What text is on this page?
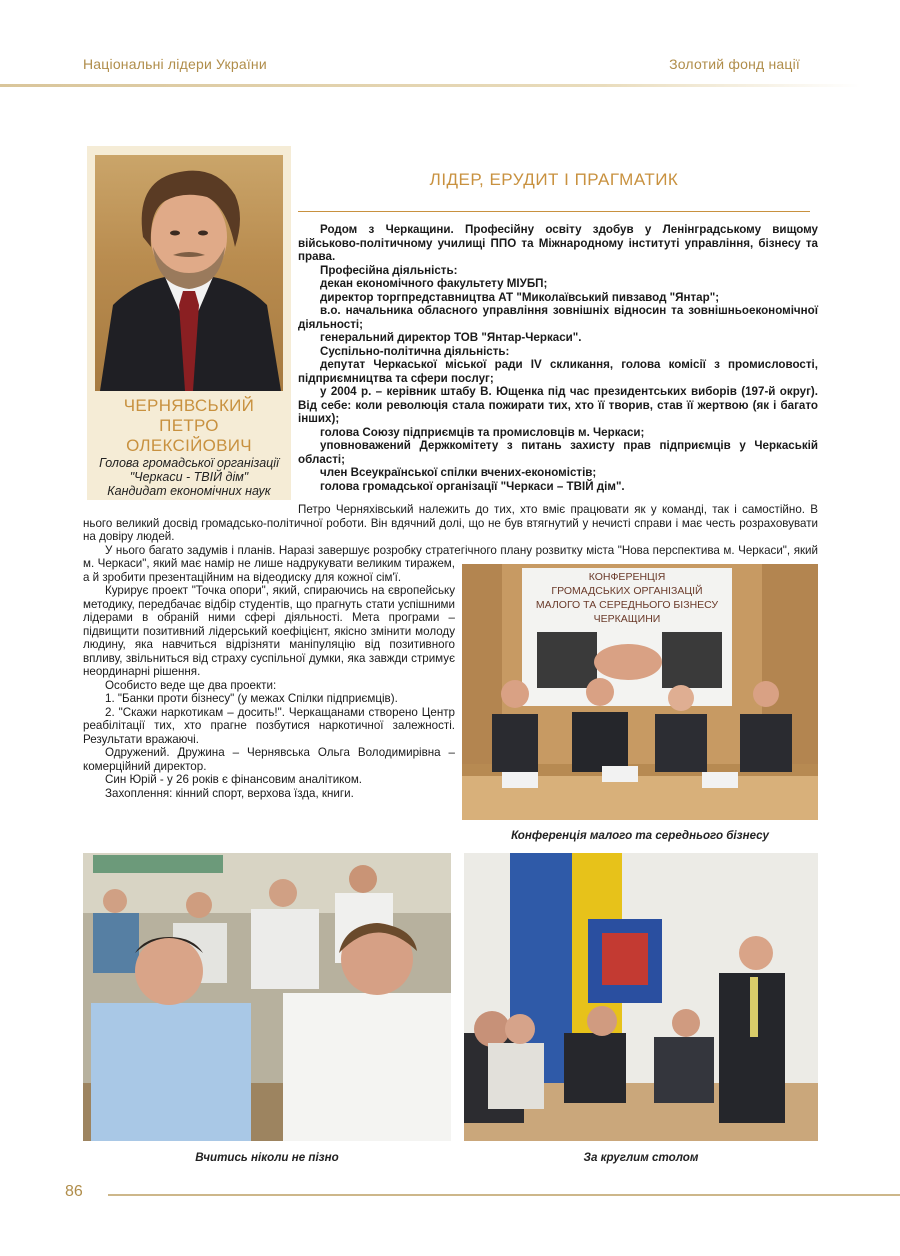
Національні лідери України	Золотий фонд нації
ЧЕРНЯВСЬКИЙ
ПЕТРО
ОЛЕКСІЙОВИЧ
Голова громадської організації
"Черкаси - ТВІЙ дім"
Кандидат економічних наук
ЛІДЕР, ЕРУДИТ І ПРАГМАТИК

Родом з Черкащини. Професійну освіту здобув у Ленінградському вищому військово-політичному училищі ППО та Міжнародному інституті управління, бізнесу та права.

Професійна діяльність:

декан економічного факультету МІУБП;

директор торгпредставництва АТ "Миколаївський пивзавод "Янтар";

в.о. начальника обласного управління зовнішніх відносин та зовнішньоекономічної діяльності;

генеральний директор ТОВ "Янтар-Черкаси".

Суспільно-політична діяльність:

депутат Черкаської міської ради IV скликання, голова комісії з промисловості, підприємництва та сфери послуг;

у 2004 р. – керівник штабу В. Ющенка під час президентських виборів (197-й округ). Від себе: коли революція стала пожирати тих, хто її творив, став її жертвою (як і багато інших);

голова Союзу підприємців та промисловців м. Черкаси;

уповноважений Держкомітету з питань захисту прав підприємців у Черкаській області;

член Всеукраїнської спілки вчених-економістів;

голова громадської організації "Черкаси – ТВІЙ дім".

Петро Черняхівський належить до тих, хто вміє працювати як у команді, так і самостійно. В нього великий досвід громадсько-політичної роботи. Він вдячний долі, що не був втягнутий у нечисті справи і має честь розраховувати на довіру людей.

У нього багато задумів і планів. Наразі завершує розробку стратегічного плану розвитку міста "Нова перспектива м. Черкаси", який

м. Черкаси", який має намір не лише надрукувати великим тиражем, а й зробити презентаційним на відеодиску для кожної сім'ї.

Курирує проект "Точка опори", який, спираючись на європейську методику, передбачає відбір студентів, що прагнуть стати успішними лідерами в обраній ними сфері діяльності. Мета програми – підвищити позитивний лідерський коефіцієнт, якісно змінити молоду людину, яка навчиться відрізняти маніпуляцію від позитивного впливу, звільниться від страху суспільної думки, яка завжди стримує неординарні рішення.

Особисто веде ще два проекти:

1. "Банки проти бізнесу" (у межах Спілки підприємців).

2. "Скажи наркотикам – досить!". Черкащанами створено Центр реабілітації тих, хто прагне позбутися наркотичної залежності. Результати вражаючі.

Одружений. Дружина – Чернявська Ольга Володимирівна – комерційний директор.

Син Юрій - у 26 років є фінансовим аналітиком.

Захоплення: кінний спорт, верхова їзда, книги.

КОНФЕРЕНЦІЯ
ГРОМАДСЬКИХ ОРГАНІЗАЦІЙ
МАЛОГО ТА СЕРЕДНЬОГО БІЗНЕСУ
ЧЕРКАЩИНИ
Конференція малого та середнього бізнесу
Вчитись ніколи не пізно	За круглим столом
86
